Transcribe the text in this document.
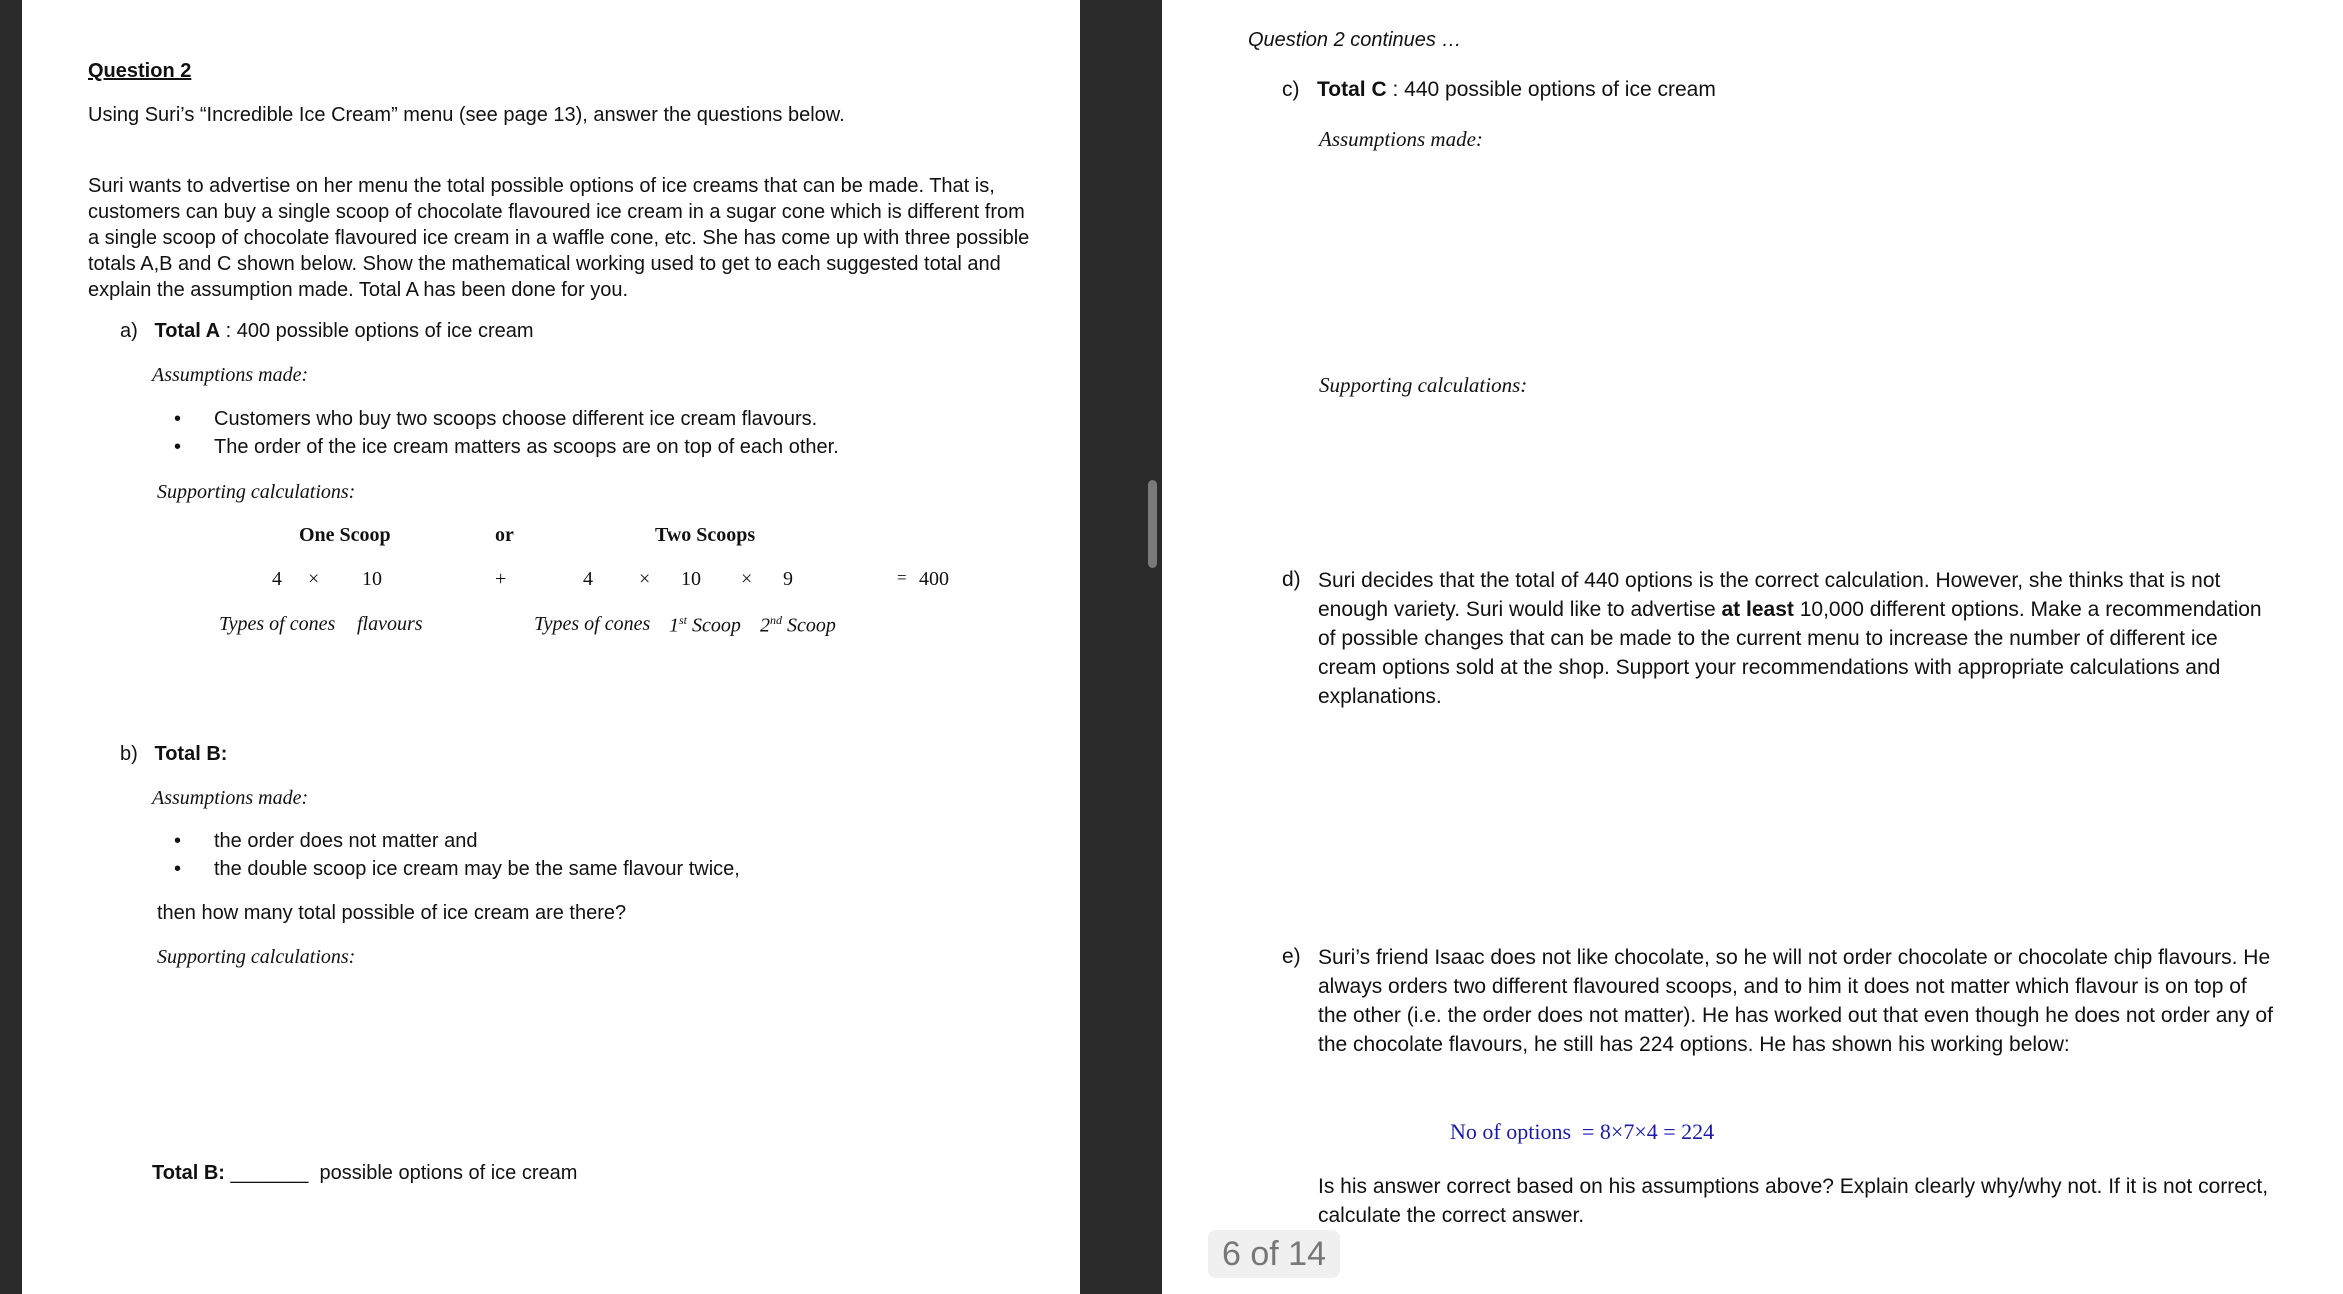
Question 2
Using Suri’s “Incredible Ice Cream” menu (see page 13), answer the questions below.
Suri wants to advertise on her menu the total possible options of ice creams that can be made. That is, customers can buy a single scoop of chocolate flavoured ice cream in a sugar cone which is different from a single scoop of chocolate flavoured ice cream in a waffle cone, etc. She has come up with three possible totals A,B and C shown below. Show the mathematical working used to get to each suggested total and explain the assumption made. Total A has been done for you.
a) Total A : 400 possible options of ice cream
Assumptions made:
• Customers who buy two scoops choose different ice cream flavours.
• The order of the ice cream matters as scoops are on top of each other.
Supporting calculations:
One Scoop	or	Two Scoops
4 × 10	+	4 × 10 × 9	= 400
Types of cones flavours	Types of cones 1st Scoop 2nd Scoop
b) Total B:
Assumptions made:
• the order does not matter and
• the double scoop ice cream may be the same flavour twice,
then how many total possible of ice cream are there?
Supporting calculations:
Total B: _______ possible options of ice cream
Question 2 continues …
c) Total C : 440 possible options of ice cream
Assumptions made:
Supporting calculations:
d) Suri decides that the total of 440 options is the correct calculation. However, she thinks that is not enough variety. Suri would like to advertise at least 10,000 different options. Make a recommendation of possible changes that can be made to the current menu to increase the number of different ice cream options sold at the shop. Support your recommendations with appropriate calculations and explanations.
e) Suri’s friend Isaac does not like chocolate, so he will not order chocolate or chocolate chip flavours. He always orders two different flavoured scoops, and to him it does not matter which flavour is on top of the other (i.e. the order does not matter). He has worked out that even though he does not order any of the chocolate flavours, he still has 224 options. He has shown his working below:
No of options = 8×7×4 = 224
Is his answer correct based on his assumptions above? Explain clearly why/why not. If it is not correct, calculate the correct answer.
6 of 14
